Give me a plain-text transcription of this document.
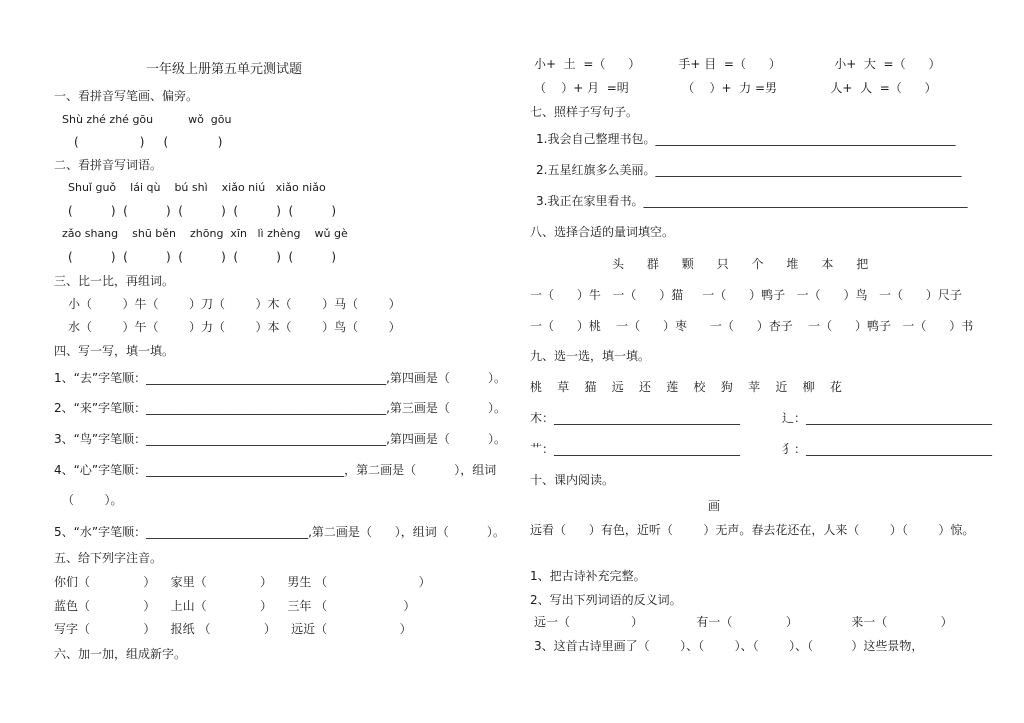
一年级上册第五单元测试题
一、看拼音写笔画、偏旁。
Shù zhé zhé gōu          wǒ  gōu
(                )     (             )
二、看拼音写词语。
Shuǐ guǒ    lái qù    bú shì    xiǎo niú   xiǎo niǎo
(          )  (          )  (          )  (          )  (          )
zǎo shang    shū běn    zhōng  xīn   lì zhèng    wǔ gè
(          )  (          )  (          )  (          )  (          )
三、比一比，再组词。
小（        ）牛（        ）刀（        ）木（        ）马（        ）
水（        ）午（        ）力（        ）本（        ）鸟（        ）
四、写一写，填一填。
1、“去”字笔顺：________________________________________,第四画是（          ）。
2、“来”字笔顺：________________________________________,第三画是（          ）。
3、“鸟”字笔顺：________________________________________,第四画是（          ）。
4、“心”字笔顺：_________________________________，第二画是（          ），组词
（        ）。
5、“水”字笔顺：___________________________,第二画是（      ），组词（          ）。
五、给下列字注音。
你们（              ）    家里（              ）    男生 （                        ）
蓝色（              ）    上山（              ）    三年 （                    ）
写字（              ）    报纸 （              ）    远近（                   ）
六、加一加，组成新字。
小+  土  =（      ）          手+ 目  =（      ）              小+  大  =（      ）
（    ）+ 月  =明              （    ）+  力 =男              人+  人  =（      ）
七、照样子写句子。
1.我会自己整理书包。__________________________________________________
2.五星红旗多么美丽。___________________________________________________
3.我正在家里看书。______________________________________________________
八、选择合适的量词填空。
头      群      颗      只      个      堆      本      把
一（      ）牛   一（      ）猫     一（      ）鸭子   一（      ）鸟   一（      ）尺子
一（      ）桃    一（      ）枣      一（      ）杏子    一（      ）鸭子   一（      ）书
九、选一选，填一填。
桃    草    猫    远    还    莲    校    狗    苹    近    柳    花
木：_______________________________           辶：_______________________________
艹：_______________________________           犭：_______________________________
十、课内阅读。
画
远看（      ）有色，近听（        ）无声。春去花还在，人来（        ）（        ）惊。
1、把古诗补充完整。
2、写出下列词语的反义词。
远一（                ）              有一（              ）              来一（              ）
3、这首古诗里画了（        ）、（        ）、（        ）、（          ）这些景物，
